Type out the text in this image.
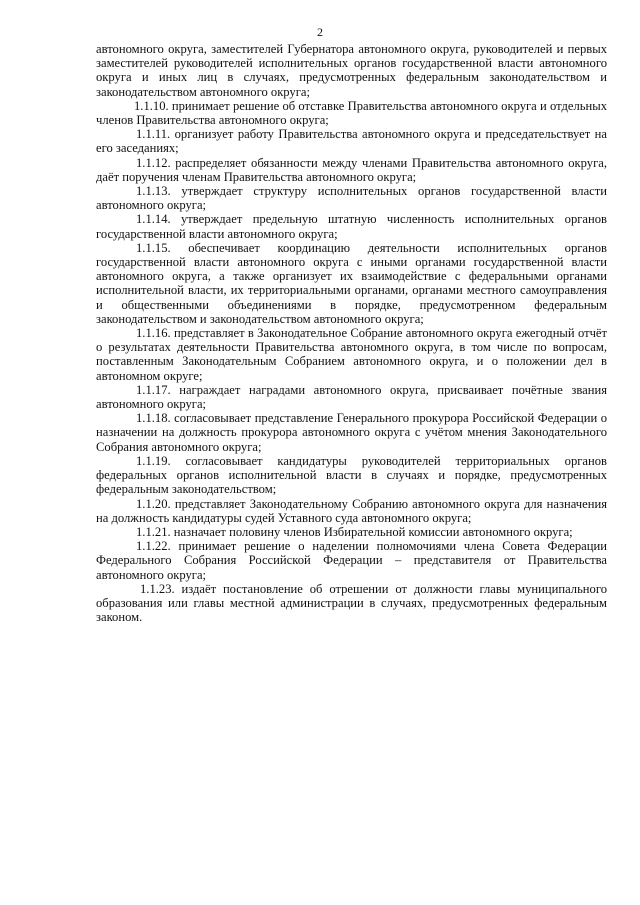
2

автономного округа, заместителей Губернатора автономного округа, руководителей и первых заместителей руководителей исполнительных органов государственной власти автономного округа и иных лиц в случаях, предусмотренных федеральным законодательством и законодательством автономного округа;

1.1.10. принимает решение об отставке Правительства автономного округа и отдельных членов Правительства автономного округа;

1.1.11. организует работу Правительства автономного округа и председательствует на его заседаниях;

1.1.12. распределяет обязанности между членами Правительства автономного округа, даёт поручения членам Правительства автономного округа;

1.1.13. утверждает структуру исполнительных органов государственной власти автономного округа;

1.1.14. утверждает предельную штатную численность исполнительных органов государственной власти автономного округа;

1.1.15. обеспечивает координацию деятельности исполнительных органов государственной власти автономного округа с иными органами государственной власти автономного округа, а также организует их взаимодействие с федеральными органами исполнительной власти, их территориальными органами, органами местного самоуправления и общественными объединениями в порядке, предусмотренном федеральным законодательством и законодательством автономного округа;

1.1.16. представляет в Законодательное Собрание автономного округа ежегодный отчёт о результатах деятельности Правительства автономного округа, в том числе по вопросам, поставленным Законодательным Собранием автономного округа, и о положении дел в автономном округе;

1.1.17. награждает наградами автономного округа, присваивает почётные звания автономного округа;

1.1.18. согласовывает представление Генерального прокурора Российской Федерации о назначении на должность прокурора автономного округа с учётом мнения Законодательного Собрания автономного округа;

1.1.19. согласовывает кандидатуры руководителей территориальных органов федеральных органов исполнительной власти в случаях и порядке, предусмотренных федеральным законодательством;

1.1.20. представляет Законодательному Собранию автономного округа для назначения на должность кандидатуры судей Уставного суда автономного округа;

1.1.21. назначает половину членов Избирательной комиссии автономного округа;

1.1.22. принимает решение о наделении полномочиями члена Совета Федерации Федерального Собрания Российской Федерации – представителя от Правительства автономного округа;

1.1.23. издаёт постановление об отрешении от должности главы муниципального образования или главы местной администрации в случаях, предусмотренных федеральным законом.
